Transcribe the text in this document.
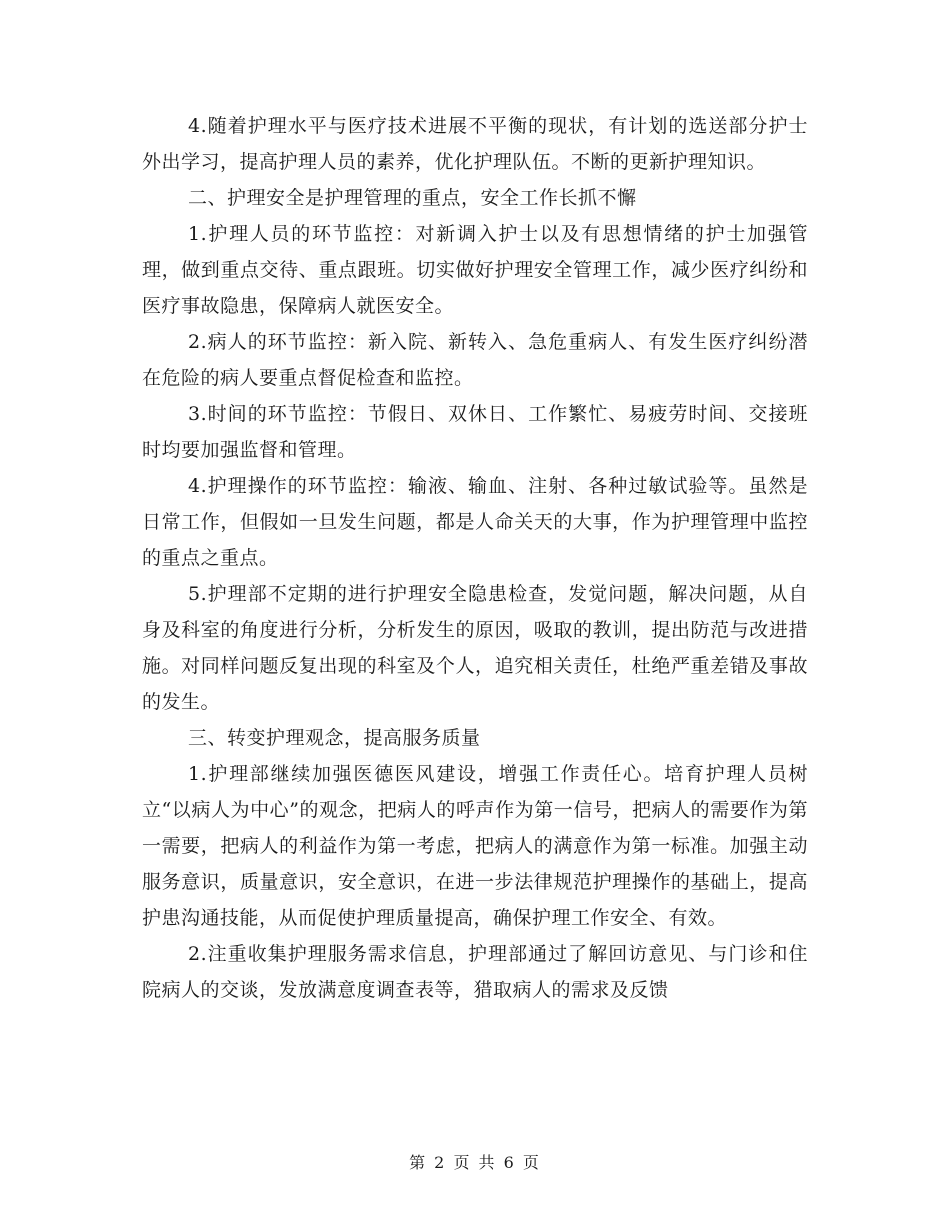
4.随着护理水平与医疗技术进展不平衡的现状，有计划的选送部分护士外出学习，提高护理人员的素养，优化护理队伍。不断的更新护理知识。

二、护理安全是护理管理的重点，安全工作长抓不懈

1.护理人员的环节监控：对新调入护士以及有思想情绪的护士加强管理，做到重点交待、重点跟班。切实做好护理安全管理工作，减少医疗纠纷和医疗事故隐患，保障病人就医安全。

2.病人的环节监控：新入院、新转入、急危重病人、有发生医疗纠纷潜在危险的病人要重点督促检查和监控。

3.时间的环节监控：节假日、双休日、工作繁忙、易疲劳时间、交接班时均要加强监督和管理。

4.护理操作的环节监控：输液、输血、注射、各种过敏试验等。虽然是日常工作，但假如一旦发生问题，都是人命关天的大事，作为护理管理中监控的重点之重点。

5.护理部不定期的进行护理安全隐患检查，发觉问题，解决问题，从自身及科室的角度进行分析，分析发生的原因，吸取的教训，提出防范与改进措施。对同样问题反复出现的科室及个人，追究相关责任，杜绝严重差错及事故的发生。

三、转变护理观念，提高服务质量

1.护理部继续加强医德医风建设，增强工作责任心。培育护理人员树立“以病人为中心”的观念，把病人的呼声作为第一信号，把病人的需要作为第一需要，把病人的利益作为第一考虑，把病人的满意作为第一标准。加强主动服务意识，质量意识，安全意识，在进一步法律规范护理操作的基础上，提高护患沟通技能，从而促使护理质量提高，确保护理工作安全、有效。

2.注重收集护理服务需求信息，护理部通过了解回访意见、与门诊和住院病人的交谈，发放满意度调查表等，猎取病人的需求及反馈

第 2 页 共 6 页
